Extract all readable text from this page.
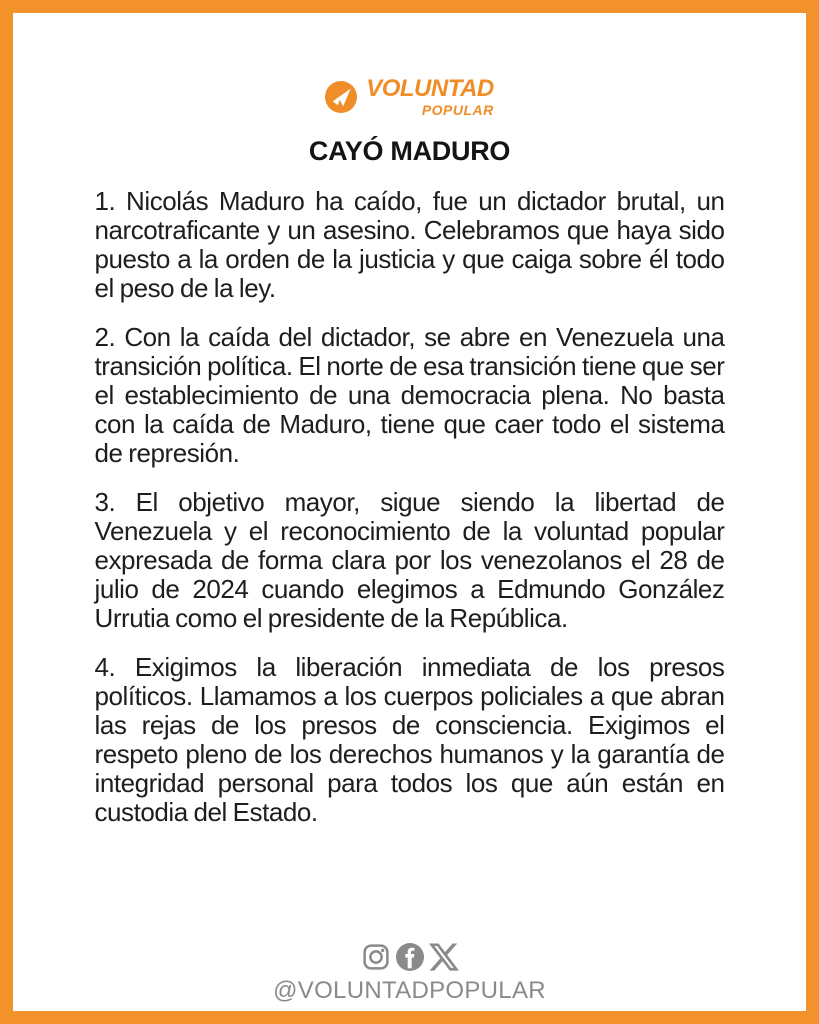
VOLUNTAD
POPULAR
CAYÓ MADURO

1. Nicolás Maduro ha caído, fue un dictador brutal, un narcotraficante y un asesino. Celebramos que haya sido puesto a la orden de la justicia y que caiga sobre él todo el peso de la ley.

2. Con la caída del dictador, se abre en Venezuela una transición política. El norte de esa transición tiene que ser el establecimiento de una democracia plena. No basta con la caída de Maduro, tiene que caer todo el sistema de represión.

3. El objetivo mayor, sigue siendo la libertad de Venezuela y el reconocimiento de la voluntad popular expresada de forma clara por los venezolanos el 28 de julio de 2024 cuando elegimos a Edmundo González Urrutia como el presidente de la República.

4. Exigimos la liberación inmediata de los presos políticos. Llamamos a los cuerpos policiales a que abran las rejas de los presos de consciencia. Exigimos el respeto pleno de los derechos humanos y la garantía de integridad personal para todos los que aún están en custodia del Estado.

@VOLUNTADPOPULAR
